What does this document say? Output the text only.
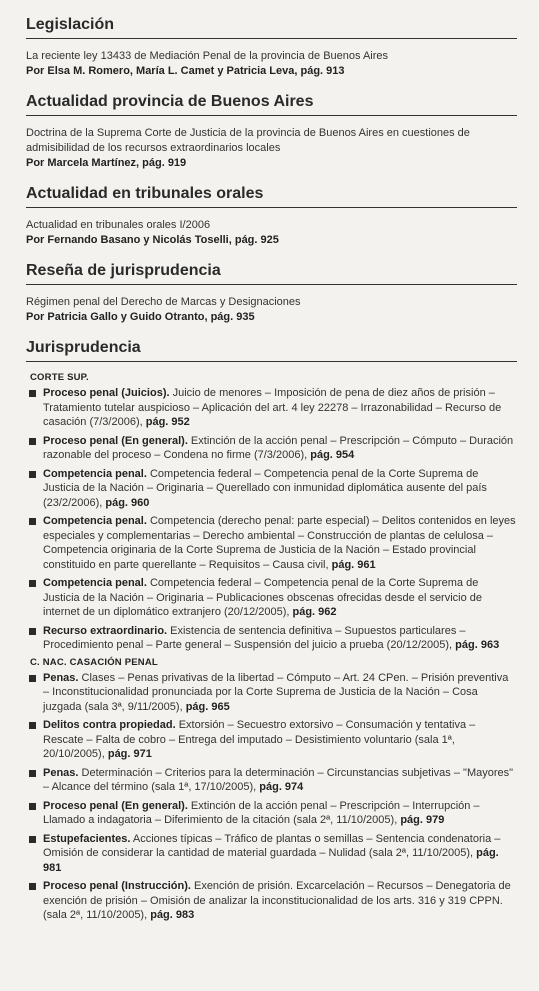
Legislación
La reciente ley 13433 de Mediación Penal de la provincia de Buenos Aires
Por Elsa M. Romero, María L. Camet y Patricia Leva, pág. 913
Actualidad provincia de Buenos Aires
Doctrina de la Suprema Corte de Justicia de la provincia de Buenos Aires en cuestiones de admisibilidad de los recursos extraordinarios locales
Por Marcela Martínez, pág. 919
Actualidad en tribunales orales
Actualidad en tribunales orales I/2006
Por Fernando Basano y Nicolás Toselli, pág. 925
Reseña de jurisprudencia
Régimen penal del Derecho de Marcas y Designaciones
Por Patricia Gallo y Guido Otranto, pág. 935
Jurisprudencia
CORTE SUP.
Proceso penal (Juicios). Juicio de menores – Imposición de pena de diez años de prisión – Tratamiento tutelar auspicioso – Aplicación del art. 4 ley 22278 – Irrazonabilidad – Recurso de casación (7/3/2006), pág. 952
Proceso penal (En general). Extinción de la acción penal – Prescripción – Cómputo – Duración razonable del proceso – Condena no firme (7/3/2006), pág. 954
Competencia penal. Competencia federal – Competencia penal de la Corte Suprema de Justicia de la Nación – Originaria – Querellado con inmunidad diplomática ausente del país (23/2/2006), pág. 960
Competencia penal. Competencia (derecho penal: parte especial) – Delitos contenidos en leyes especiales y complementarias – Derecho ambiental – Construcción de plantas de celulosa – Competencia originaria de la Corte Suprema de Justicia de la Nación – Estado provincial constituido en parte querellante – Requisitos – Causa civil, pág. 961
Competencia penal. Competencia federal – Competencia penal de la Corte Suprema de Justicia de la Nación – Originaria – Publicaciones obscenas ofrecidas desde el servicio de internet de un diplomático extranjero (20/12/2005), pág. 962
Recurso extraordinario. Existencia de sentencia definitiva – Supuestos particulares – Procedimiento penal – Parte general – Suspensión del juicio a prueba (20/12/2005), pág. 963
C. NAC. CASACIÓN PENAL
Penas. Clases – Penas privativas de la libertad – Cómputo – Art. 24 CPen. – Prisión preventiva – Inconstitucionalidad pronunciada por la Corte Suprema de Justicia de la Nación – Cosa juzgada (sala 3ª, 9/11/2005), pág. 965
Delitos contra propiedad. Extorsión – Secuestro extorsivo – Consumación y tentativa – Rescate – Falta de cobro – Entrega del imputado – Desistimiento voluntario (sala 1ª, 20/10/2005), pág. 971
Penas. Determinación – Criterios para la determinación – Circunstancias subjetivas – "Mayores" – Alcance del término (sala 1ª, 17/10/2005), pág. 974
Proceso penal (En general). Extinción de la acción penal – Prescripción – Interrupción – Llamado a indagatoria – Diferimiento de la citación (sala 2ª, 11/10/2005), pág. 979
Estupefacientes. Acciones típicas – Tráfico de plantas o semillas – Sentencia condenatoria – Omisión de considerar la cantidad de material guardada – Nulidad (sala 2ª, 11/10/2005), pág. 981
Proceso penal (Instrucción). Exención de prisión. Excarcelación – Recursos – Denegatoria de exención de prisión – Omisión de analizar la inconstitucionalidad de los arts. 316 y 319 CPPN. (sala 2ª, 11/10/2005), pág. 983
